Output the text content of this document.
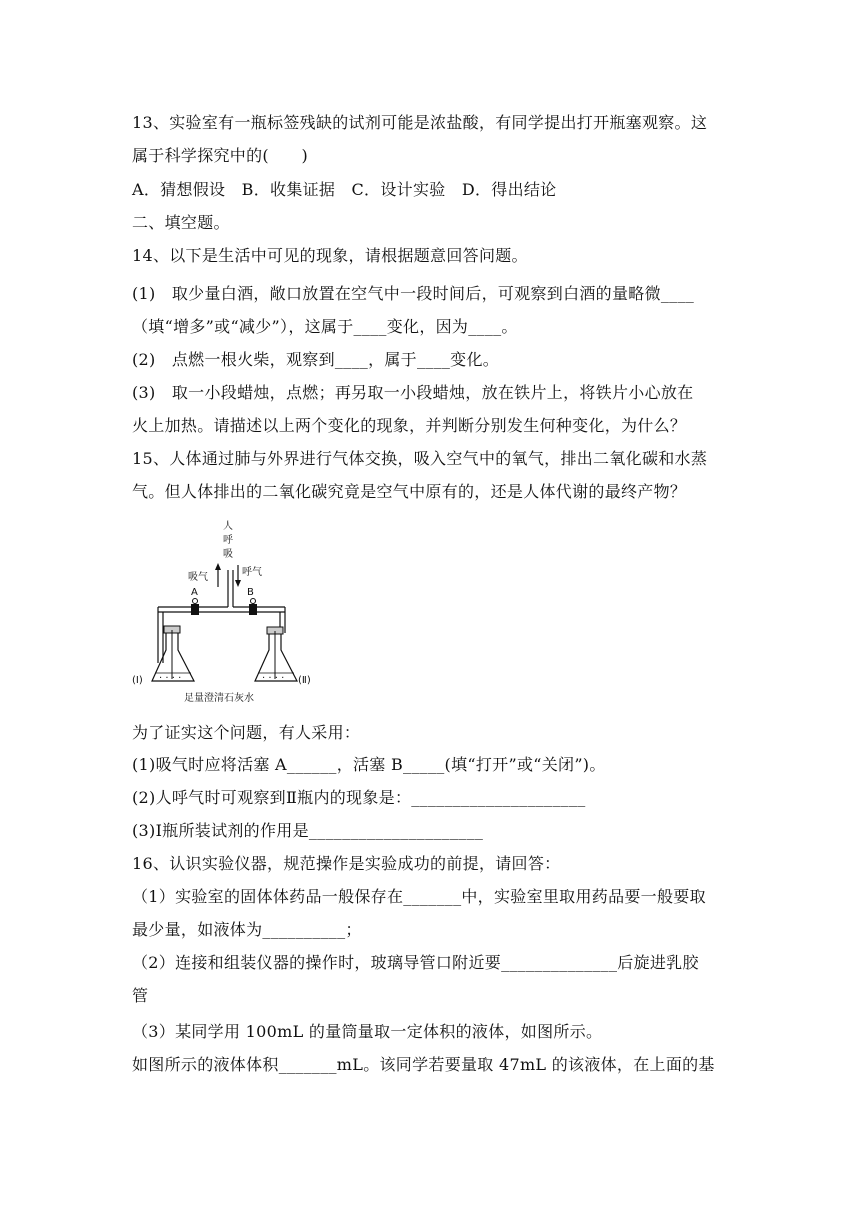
13、实验室有一瓶标签残缺的试剂可能是浓盐酸，有同学提出打开瓶塞观察。这
属于科学探究中的(　　)
A．猜想假设　B．收集证据　C．设计实验　D．得出结论
二、填空题。
14、以下是生活中可见的现象，请根据题意回答问题。
(1)　取少量白酒，敞口放置在空气中一段时间后，可观察到白酒的量略微____
（填“增多”或“减少”），这属于____变化，因为____。
(2)　点燃一根火柴，观察到____，属于____变化。
(3)　取一小段蜡烛，点燃；再另取一小段蜡烛，放在铁片上，将铁片小心放在
火上加热。请描述以上两个变化的现象，并判断分别发生何种变化，为什么？
15、人体通过肺与外界进行气体交换，吸入空气中的氧气，排出二氧化碳和水蒸
气。但人体排出的二氧化碳究竟是空气中原有的，还是人体代谢的最终产物？
. . . .	. . . .
人
呼
吸
吸气	呼气
A	B
(Ⅰ)	(Ⅱ)
足量澄清石灰水
为了证实这个问题，有人采用：
(1)吸气时应将活塞 A______，活塞 B_____(填“打开”或“关闭”)。
(2)人呼气时可观察到Ⅱ瓶内的现象是：_____________________
(3)Ⅰ瓶所装试剂的作用是_____________________
16、认识实验仪器，规范操作是实验成功的前提，请回答：
（1）实验室的固体体药品一般保存在_______中，实验室里取用药品要一般要取
最少量，如液体为__________；
（2）连接和组装仪器的操作时，玻璃导管口附近要______________后旋进乳胶
管
（3）某同学用 100mL 的量筒量取一定体积的液体，如图所示。
如图所示的液体体积_______mL。该同学若要量取 47mL 的该液体，在上面的基
